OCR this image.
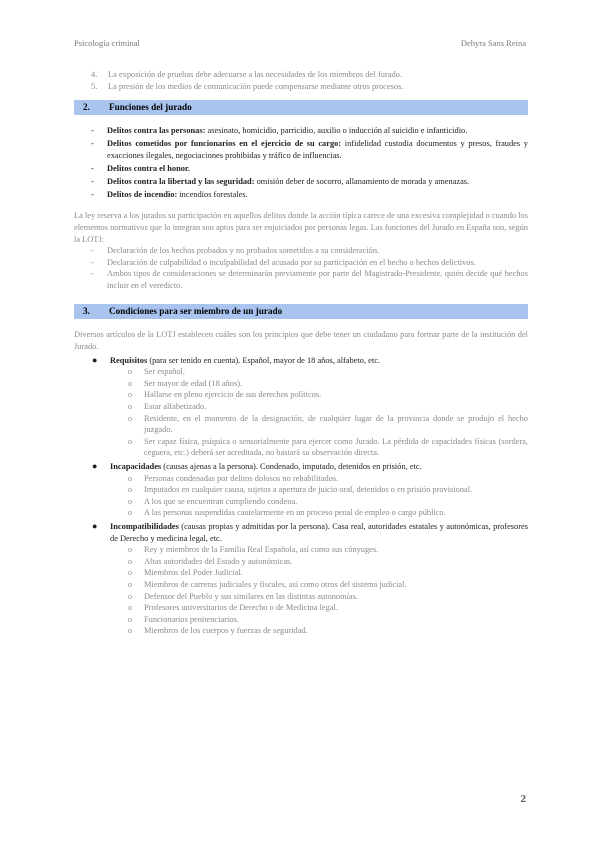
Psicología criminal	Dehyra Sans Reina
4. La exposición de pruebas debe adecuarse a las necesidades de los miembros del Jurado.
5. La presión de los medios de comunicación puede compensarse mediante otros procesos.
2. Funciones del jurado
- Delitos contra las personas: asesinato, homicidio, parricidio, auxilio o inducción al suicidio e infanticidio.
- Delitos cometidos por funcionarios en el ejercicio de su cargo: infidelidad custodia documentos y presos, fraudes y exacciones ilegales, negociaciones prohibidas y tráfico de influencias.
- Delitos contra el honor.
- Delitos contra la libertad y las seguridad: omisión deber de socorro, allanamiento de morada y amenazas.
- Delitos de incendio: incendios forestales.

La ley reserva a los jurados su participación en aquellos delitos donde la acción típica carece de una excesiva complejidad o cuando los elementos normativos que lo integran son aptos para ser enjuiciados por personas legas. Las funciones del Jurado en España son, según la LOTJ:

- Declaración de los hechos probados y no probados sometidos a su consideración.
- Declaración de culpabilidad o inculpabilidad del acusado por su participación en el hecho o hechos delictivos.
- Ambos tipos de consideraciones se determinarán previamente por parte del Magistrado-Presidente, quién decide qué hechos incluir en el veredicto.
3. Condiciones para ser miembro de un jurado

Diversos artículos de la LOTJ establecen cuáles son los principios que debe tener un ciudadano para formar parte de la institución del Jurado.

● Requisitos (para ser tenido en cuenta). Español, mayor de 18 años, alfabeto, etc.
o Ser español.
o Ser mayor de edad (18 años).
o Hallarse en pleno ejercicio de sus derechos políticos.
o Estar alfabetizado.
o Residente, en el momento de la designación, de cualquier lugar de la provincia donde se produjo el hecho juzgado.
o Ser capaz física, psíquica o sensorialmente para ejercer como Jurado. La pérdida de capacidades físicas (sordera, ceguera, etc.) deberá ser acreditada, no bastará su observación directa.
● Incapacidades (causas ajenas a la persona). Condenado, imputado, detenidos en prisión, etc.
o Personas condenadas por delitos dolosos no rehabilitados.
o Imputados en cualquier causa, sujetos a apertura de juicio oral, detenidos o en prisión provisional.
o A los que se encuentran cumpliendo condena.
o A las personas suspendidas cautelarmente en un proceso penal de empleo o cargo público.
● Incompatibilidades (causas propias y admitidas por la persona). Casa real, autoridades estatales y autonómicas, profesores de Derecho y medicina legal, etc.
o Rey y miembros de la Familia Real Española, así como sus cónyuges.
o Altas autoridades del Estado y autonómicas.
o Miembros del Poder Judicial.
o Miembros de carreras judiciales y fiscales, así como otros del sistema judicial.
o Defensor del Pueblo y sus similares en las distintas autonomías.
o Profesores universitarios de Derecho o de Medicina legal.
o Funcionarios penitenciarios.
o Miembros de los cuerpos y fuerzas de seguridad.
2
